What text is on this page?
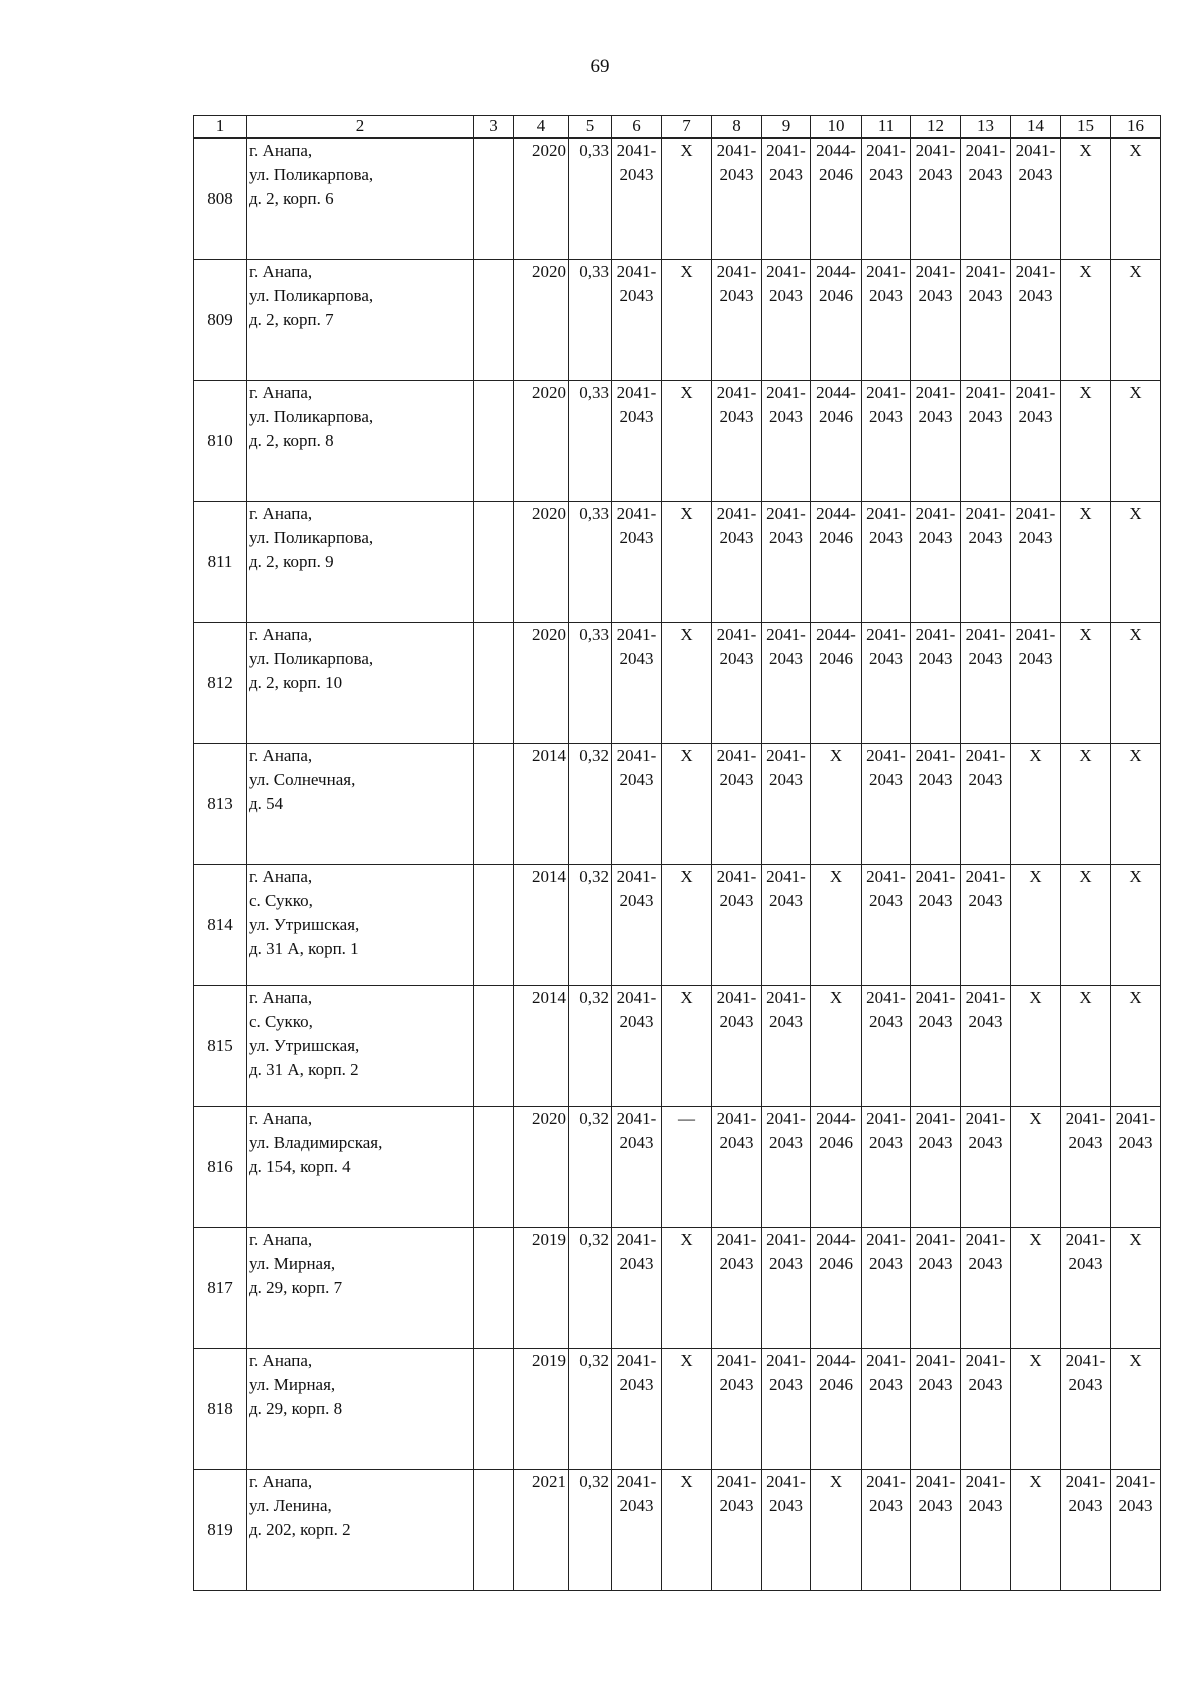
69
1	2	3	4	5	6	7	8	9	10	11	12	13	14	15	16
808	г. Анапа,
ул. Поликарпова,
д. 2, корп. 6		2020	0,33	2041-
2043	Х	2041-
2043	2041-
2043	2044-
2046	2041-
2043	2041-
2043	2041-
2043	2041-
2043	Х	Х

809	г. Анапа,
ул. Поликарпова,
д. 2, корп. 7		2020	0,33	2041-
2043	Х	2041-
2043	2041-
2043	2044-
2046	2041-
2043	2041-
2043	2041-
2043	2041-
2043	Х	Х

810	г. Анапа,
ул. Поликарпова,
д. 2, корп. 8		2020	0,33	2041-
2043	Х	2041-
2043	2041-
2043	2044-
2046	2041-
2043	2041-
2043	2041-
2043	2041-
2043	Х	Х

811	г. Анапа,
ул. Поликарпова,
д. 2, корп. 9		2020	0,33	2041-
2043	Х	2041-
2043	2041-
2043	2044-
2046	2041-
2043	2041-
2043	2041-
2043	2041-
2043	Х	Х

812	г. Анапа,
ул. Поликарпова,
д. 2, корп. 10		2020	0,33	2041-
2043	Х	2041-
2043	2041-
2043	2044-
2046	2041-
2043	2041-
2043	2041-
2043	2041-
2043	Х	Х

813	г. Анапа,
ул. Солнечная,
д. 54		2014	0,32	2041-
2043	Х	2041-
2043	2041-
2043	Х	2041-
2043	2041-
2043	2041-
2043	Х	Х	Х

814	г. Анапа,
с. Сукко,
ул. Утришская,
д. 31 А, корп. 1		2014	0,32	2041-
2043	Х	2041-
2043	2041-
2043	Х	2041-
2043	2041-
2043	2041-
2043	Х	Х	Х

815	г. Анапа,
с. Сукко,
ул. Утришская,
д. 31 А, корп. 2		2014	0,32	2041-
2043	Х	2041-
2043	2041-
2043	Х	2041-
2043	2041-
2043	2041-
2043	Х	Х	Х

816	г. Анапа,
ул. Владимирская,
д. 154, корп. 4		2020	0,32	2041-
2043	—	2041-
2043	2041-
2043	2044-
2046	2041-
2043	2041-
2043	2041-
2043	Х	2041-
2043	2041-
2043

817	г. Анапа,
ул. Мирная,
д. 29, корп. 7		2019	0,32	2041-
2043	Х	2041-
2043	2041-
2043	2044-
2046	2041-
2043	2041-
2043	2041-
2043	Х	2041-
2043	Х

818	г. Анапа,
ул. Мирная,
д. 29, корп. 8		2019	0,32	2041-
2043	Х	2041-
2043	2041-
2043	2044-
2046	2041-
2043	2041-
2043	2041-
2043	Х	2041-
2043	Х

819	г. Анапа,
ул. Ленина,
д. 202, корп. 2		2021	0,32	2041-
2043	Х	2041-
2043	2041-
2043	Х	2041-
2043	2041-
2043	2041-
2043	Х	2041-
2043	2041-
2043
